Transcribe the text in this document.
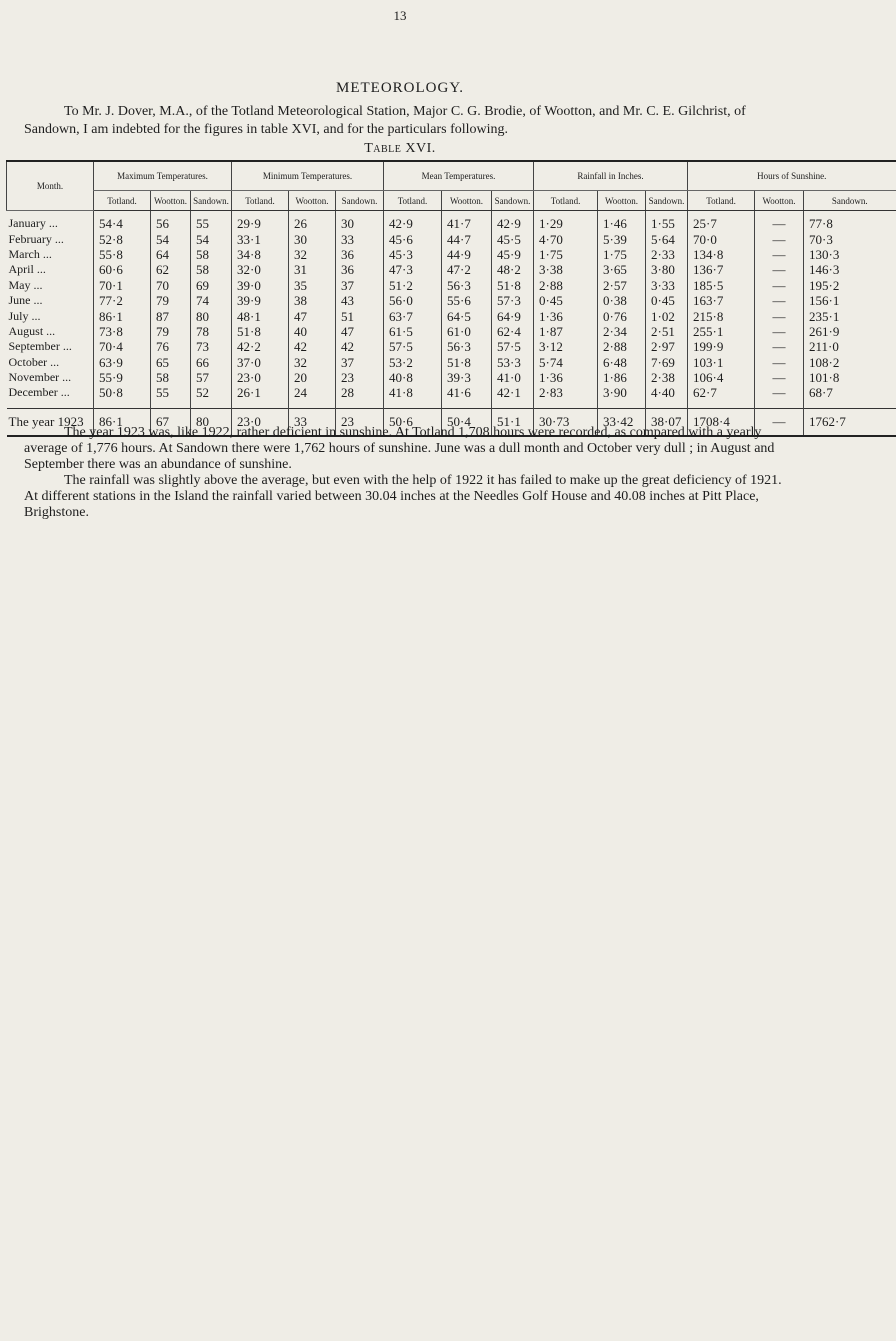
13
METEOROLOGY.

To Mr. J. Dover, M.A., of the Totland Meteorological Station, Major C. G. Brodie, of Wootton, and Mr. C. E. Gilchrist, of Sandown, I am indebted for the figures in table XVI, and for the particulars following.

Table XVI.
Month.	Maximum Temperatures.			Minimum Temperatures.			Mean Temperatures.			Rainfall in Inches.			Hours of Sunshine.		
	Totland.	Wootton.	Sandown.	Totland.	Wootton.	Sandown.	Totland.	Wootton.	Sandown.	Totland.	Wootton.	Sandown.	Totland.	Wootton.	Sandown.
January ...	54·4	56	55	29·9	26	30	42·9	41·7	42·9	1·29	1·46	1·55	25·7	—	77·8
February ...	52·8	54	54	33·1	30	33	45·6	44·7	45·5	4·70	5·39	5·64	70·0	—	70·3
March ...	55·8	64	58	34·8	32	36	45·3	44·9	45·9	1·75	1·75	2·33	134·8	—	130·3
April ...	60·6	62	58	32·0	31	36	47·3	47·2	48·2	3·38	3·65	3·80	136·7	—	146·3
May ...	70·1	70	69	39·0	35	37	51·2	56·3	51·8	2·88	2·57	3·33	185·5	—	195·2
June ...	77·2	79	74	39·9	38	43	56·0	55·6	57·3	0·45	0·38	0·45	163·7	—	156·1
July ...	86·1	87	80	48·1	47	51	63·7	64·5	64·9	1·36	0·76	1·02	215·8	—	235·1
August ...	73·8	79	78	51·8	40	47	61·5	61·0	62·4	1·87	2·34	2·51	255·1	—	261·9
September ...	70·4	76	73	42·2	42	42	57·5	56·3	57·5	3·12	2·88	2·97	199·9	—	211·0
October ...	63·9	65	66	37·0	32	37	53·2	51·8	53·3	5·74	6·48	7·69	103·1	—	108·2
November ...	55·9	58	57	23·0	20	23	40·8	39·3	41·0	1·36	1·86	2·38	106·4	—	101·8
December ...	50·8	55	52	26·1	24	28	41·8	41·6	42·1	2·83	3·90	4·40	62·7	—	68·7
The year 1923	86·1	67	80	23·0	33	23	50·6	50·4	51·1	30·73	33·42	38·07	1708·4	—	1762·7

The year 1923 was, like 1922, rather deficient in sunshine. At Totland 1,708 hours were recorded, as compared with a yearly average of 1,776 hours. At Sandown there were 1,762 hours of sunshine. June was a dull month and October very dull ; in August and September there was an abundance of sunshine.

The rainfall was slightly above the average, but even with the help of 1922 it has failed to make up the great deficiency of 1921. At different stations in the Island the rainfall varied between 30.04 inches at the Needles Golf House and 40.08 inches at Pitt Place, Brighstone.
